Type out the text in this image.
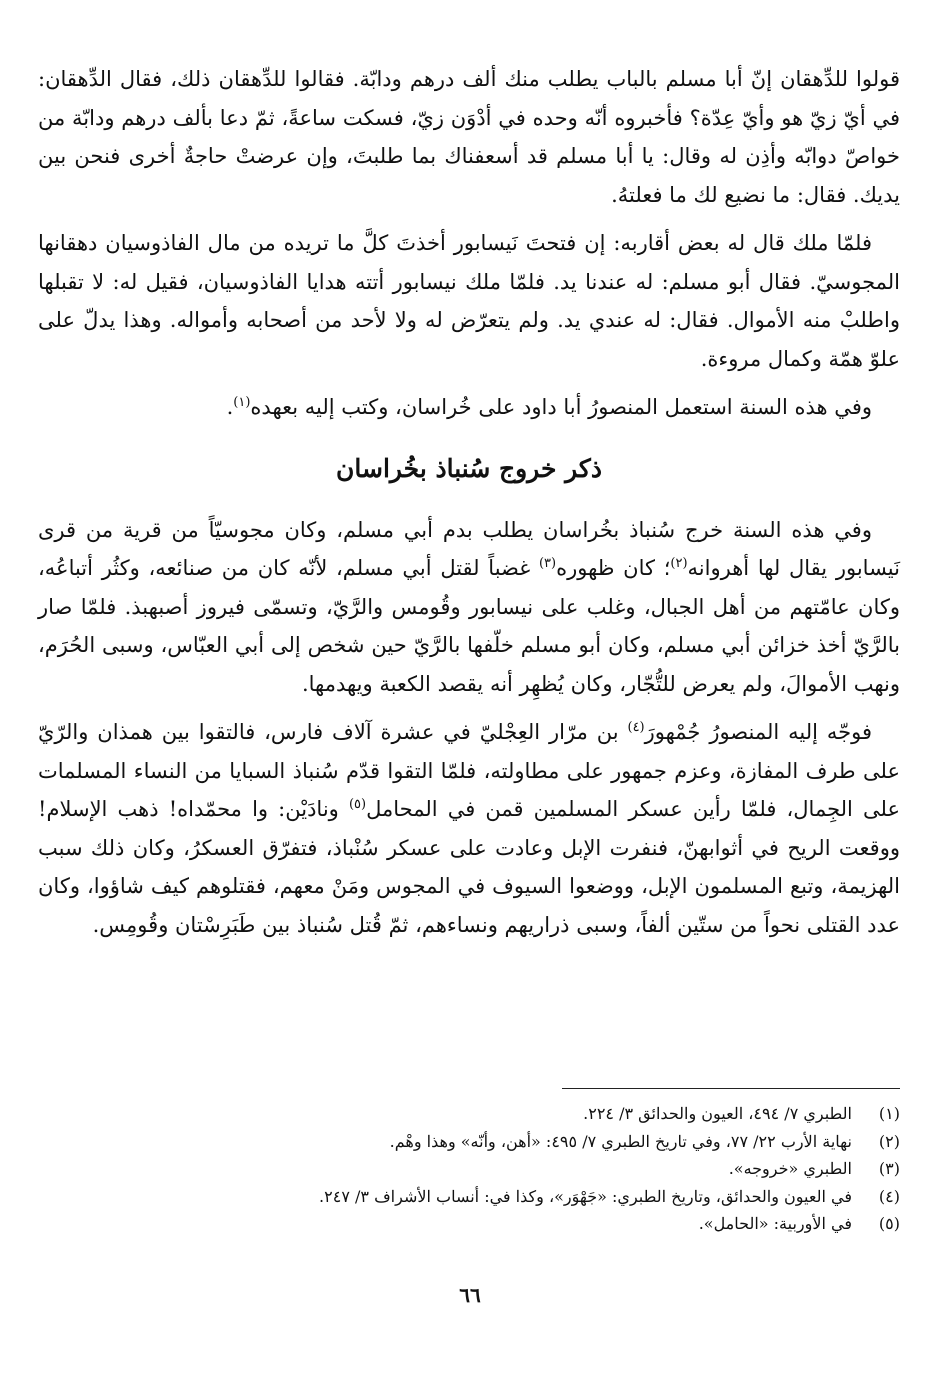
قولوا للدِّهقان إنّ أبا مسلم بالباب يطلب منك ألف درهم ودابّة. فقالوا للدِّهقان ذلك، فقال الدِّهقان: في أيّ زيّ هو وأيّ عِدّة؟ فأخبروه أنّه وحده في أدْوَن زيّ، فسكت ساعةً، ثمّ دعا بألف درهم ودابّة من خواصّ دوابّه وأذِن له وقال: يا أبا مسلم قد أسعفناك بما طلبتَ، وإن عرضتْ حاجةٌ أخرى فنحن بين يديك. فقال: ما نضيع لك ما فعلتهُ.

فلمّا ملك قال له بعض أقاربه: إن فتحتَ نَيسابور أخذتَ كلَّ ما تريده من مال الفاذوسيان دهقانها المجوسيّ. فقال أبو مسلم: له عندنا يد. فلمّا ملك نيسابور أتته هدايا الفاذوسيان، فقيل له: لا تقبلها واطلبْ منه الأموال. فقال: له عندي يد. ولم يتعرّض له ولا لأحد من أصحابه وأمواله. وهذا يدلّ على علوّ همّة وكمال مروءة.

وفي هذه السنة استعمل المنصورُ أبا داود على خُراسان، وكتب إليه بعهده$^{(١)}$.

ذكر خروج سُنباذ بخُراسان

وفي هذه السنة خرج سُنباذ بخُراسان يطلب بدم أبي مسلم، وكان مجوسيّاً من قرية من قرى نَيسابور يقال لها أهروانه$^{(٢)}$؛ كان ظهوره$^{(٣)}$ غضباً لقتل أبي مسلم، لأنّه كان من صنائعه، وكثُر أتباعُه، وكان عامّتهم من أهل الجبال، وغلب على نيسابور وقُومس والرَّيّ، وتسمّى فيروز أصبهبذ. فلمّا صار بالرَّيّ أخذ خزائن أبي مسلم، وكان أبو مسلم خلّفها بالرَّيّ حين شخص إلى أبي العبّاس، وسبى الحُرَم، ونهب الأموالَ، ولم يعرض للتُّجّار، وكان يُظهِر أنه يقصد الكعبة ويهدمها.

فوجّه إليه المنصورُ جُمْهورَ$^{(٤)}$ بن مرّار العِجْليّ في عشرة آلاف فارس، فالتقوا بين همذان والرّيّ على طرف المفازة، وعزم جمهور على مطاولته، فلمّا التقوا قدّم سُنباذ السبايا من النساء المسلمات على الجِمال، فلمّا رأين عسكر المسلمين قمن في المحامل$^{(٥)}$ ونادَيْن: وا محمّداه! ذهب الإسلام! ووقعت الريح في أثوابهنّ، فنفرت الإبل وعادت على عسكر سُنْباذ، فتفرّق العسكرُ، وكان ذلك سبب الهزيمة، وتبع المسلمون الإبل، ووضعوا السيوف في المجوس ومَنْ معهم، فقتلوهم كيف شاؤوا، وكان عدد القتلى نحواً من ستّين ألفاً، وسبى ذراريهم ونساءهم، ثمّ قُتل سُنباذ بين طَبَرِسْتان وقُومِس.

(١)
الطبري ٧/ ٤٩٤، العيون والحدائق ٣/ ٢٢٤.
(٢)
نهاية الأرب ٢٢/ ٧٧، وفي تاريخ الطبري ٧/ ٤٩٥: «أهن، وأنّه» وهذا وهْم.
(٣)
الطبري «خروجه».
(٤)
في العيون والحدائق، وتاريخ الطبري: «جَهْوَر»، وكذا في: أنساب الأشراف ٣/ ٢٤٧.
(٥)
في الأوربية: «الحامل».
٦٦
